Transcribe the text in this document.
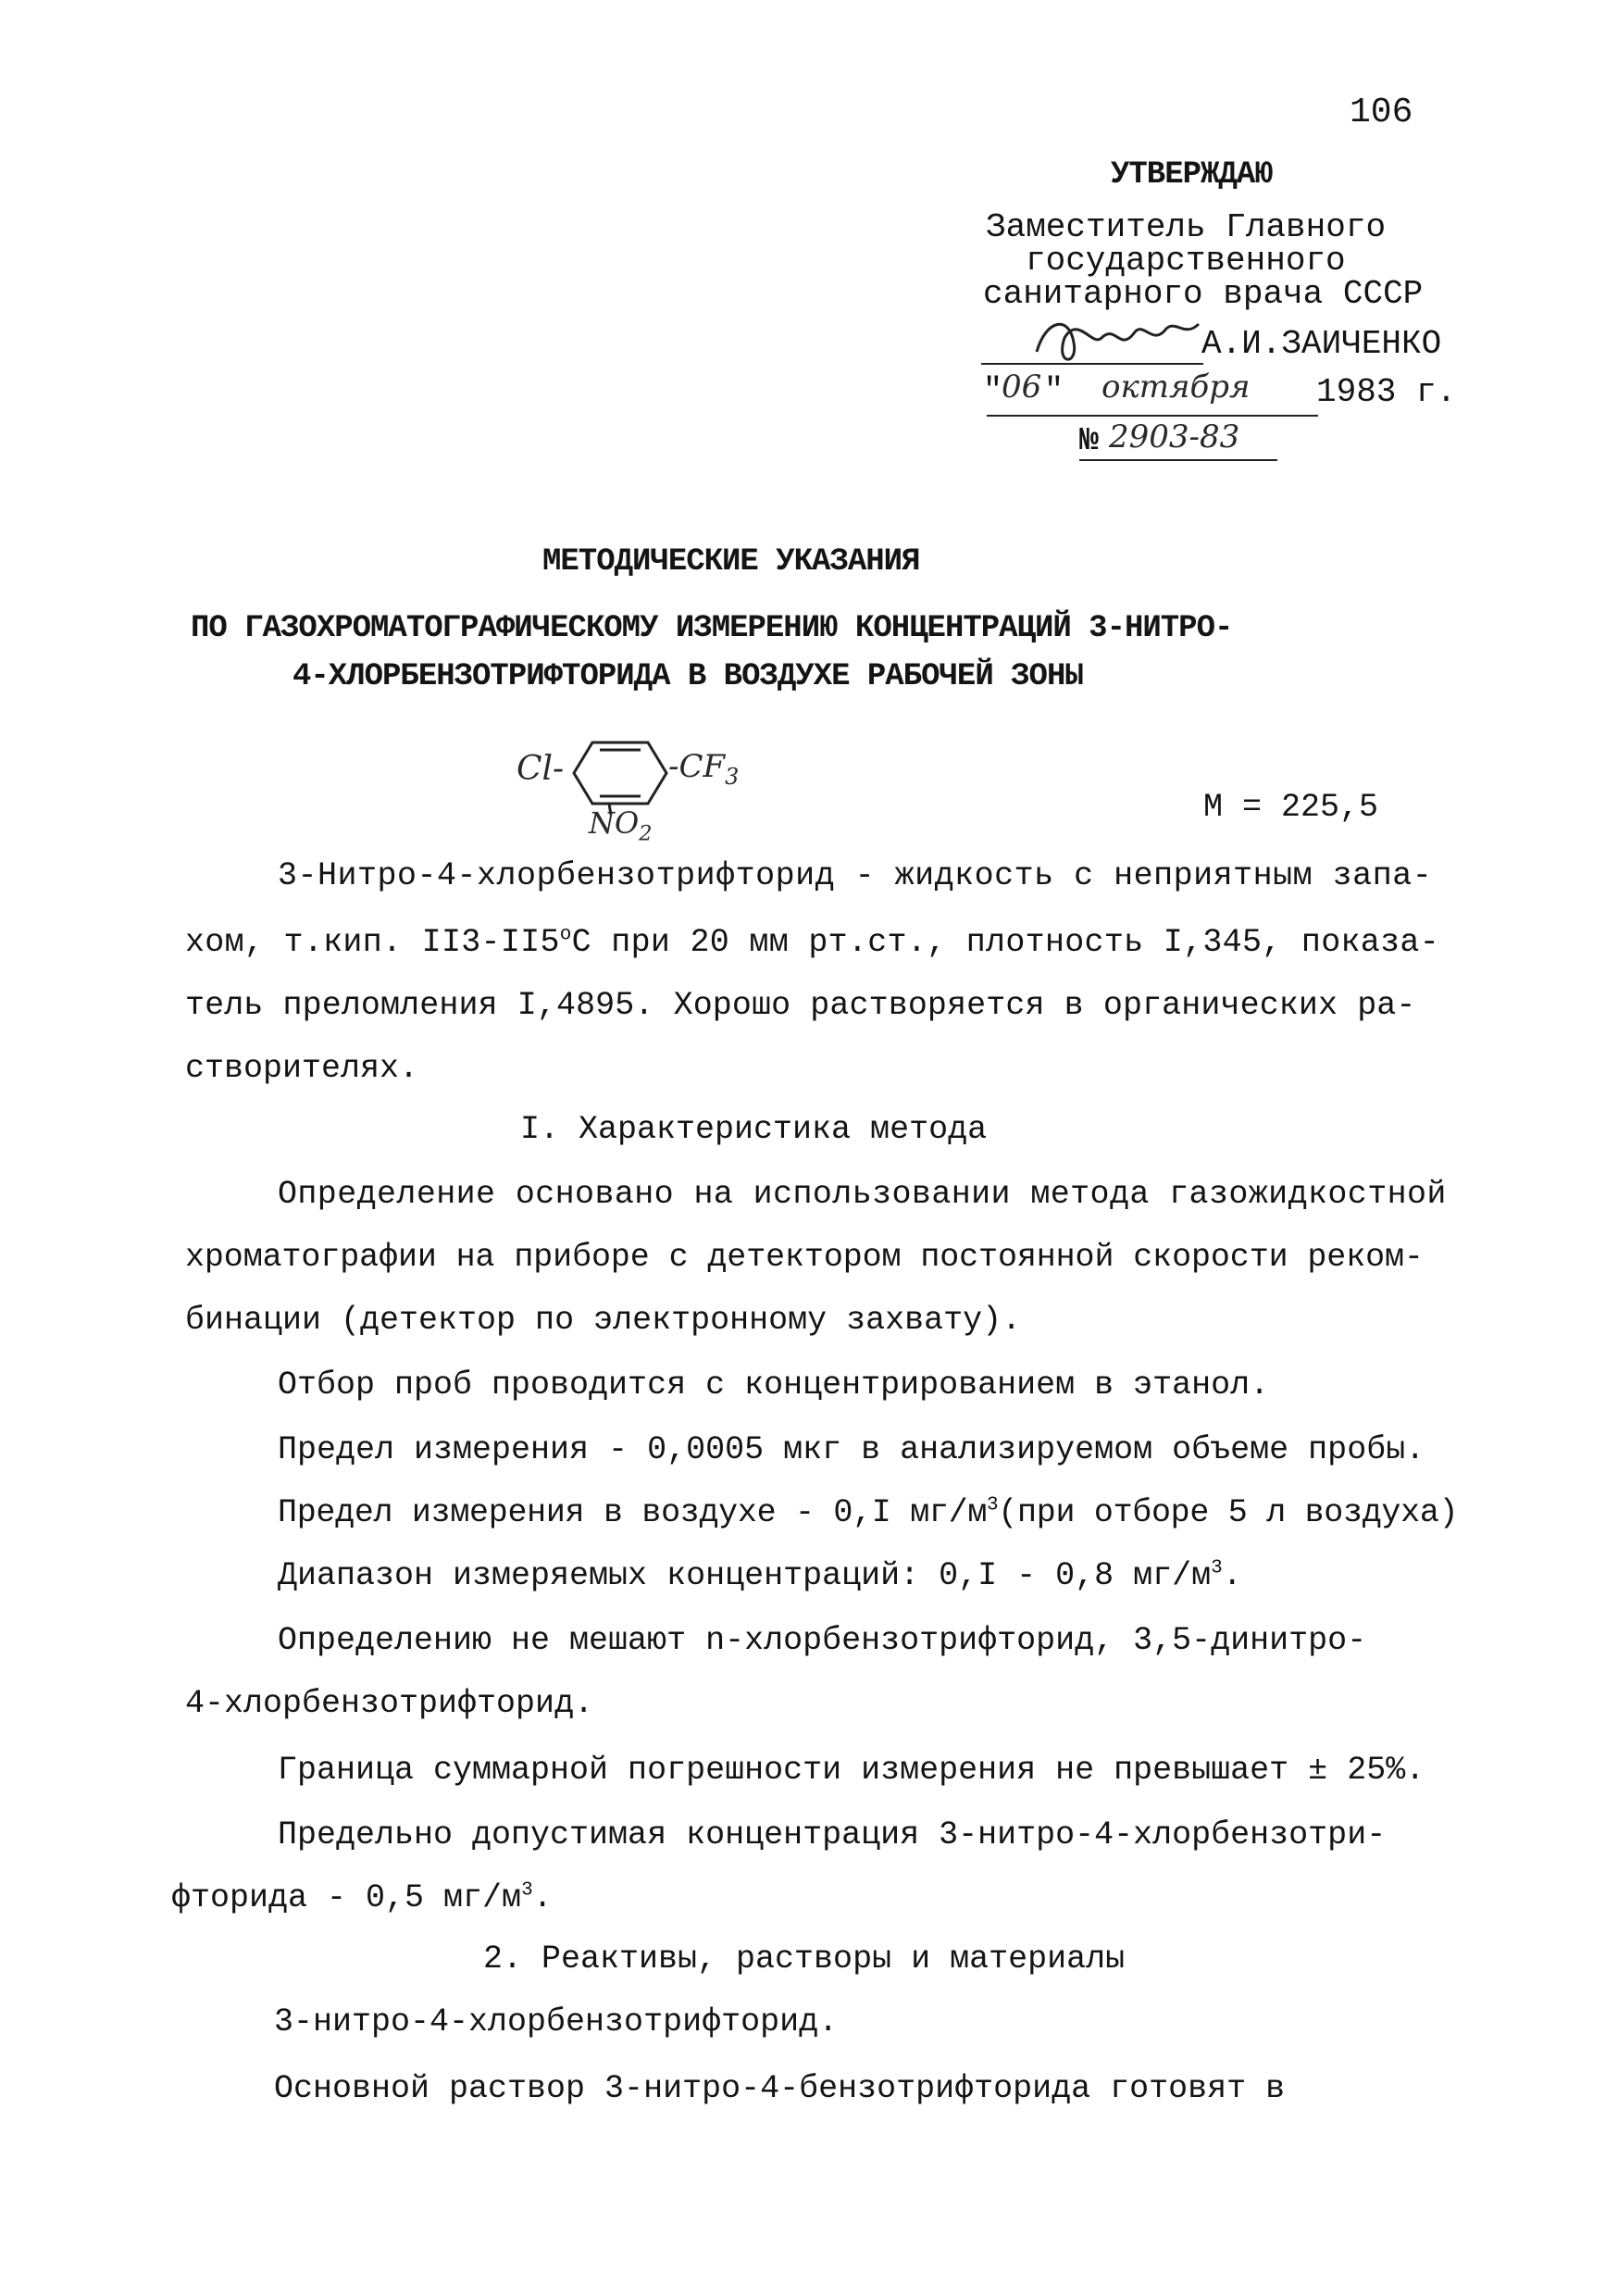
106
УТВЕРЖДАЮ
Заместитель Главного
государственного
санитарного врача СССР
А.И.ЗАИЧЕНКО
"
06 " октября 1983 г.
№ 2903-83
МЕТОДИЧЕСКИЕ УКАЗАНИЯ
ПО ГАЗОХРОМАТОГРАФИЧЕСКОМУ ИЗМЕРЕНИЮ КОНЦЕНТРАЦИЙ 3-НИТРО-
4-ХЛОРБЕНЗОТРИФТОРИДА В ВОЗДУХЕ РАБОЧЕЙ ЗОНЫ
Cl-	$-CF_3$
$NO_2$
M = 225,5
3-Нитро-4-хлорбензотрифторид - жидкость с неприятным запа-
хом, т.кип. II3-II5$^o$C при 20 мм рт.ст., плотность I,345, показа-
тель преломления I,4895. Хорошо растворяется в органических ра-
створителях.
I. Характеристика метода
Определение основано на использовании метода газожидкостной
хроматографии на приборе с детектором постоянной скорости реком-
бинации (детектор по электронному захвату).
Отбор проб проводится с концентрированием в этанол.
Предел измерения - 0,0005 мкг в анализируемом объеме пробы.
Предел измерения в воздухе - 0,I $мг/м^3(при$ отборе 5 л воздуха)
Диапазон измеряемых концентраций: 0,I - 0,8 $мг/м^3$.
Определению не мешают n-хлорбензотрифторид, 3,5-динитро-
4-хлорбензотрифторид.
Граница суммарной погрешности измерения не превышает ± 25%.
Предельно допустимая концентрация 3-нитро-4-хлорбензотри-
фторида - 0,5 $мг/м^3$.
2. Реактивы, растворы и материалы
3-нитро-4-хлорбензотрифторид.
Основной раствор 3-нитро-4-бензотрифторида готовят в
